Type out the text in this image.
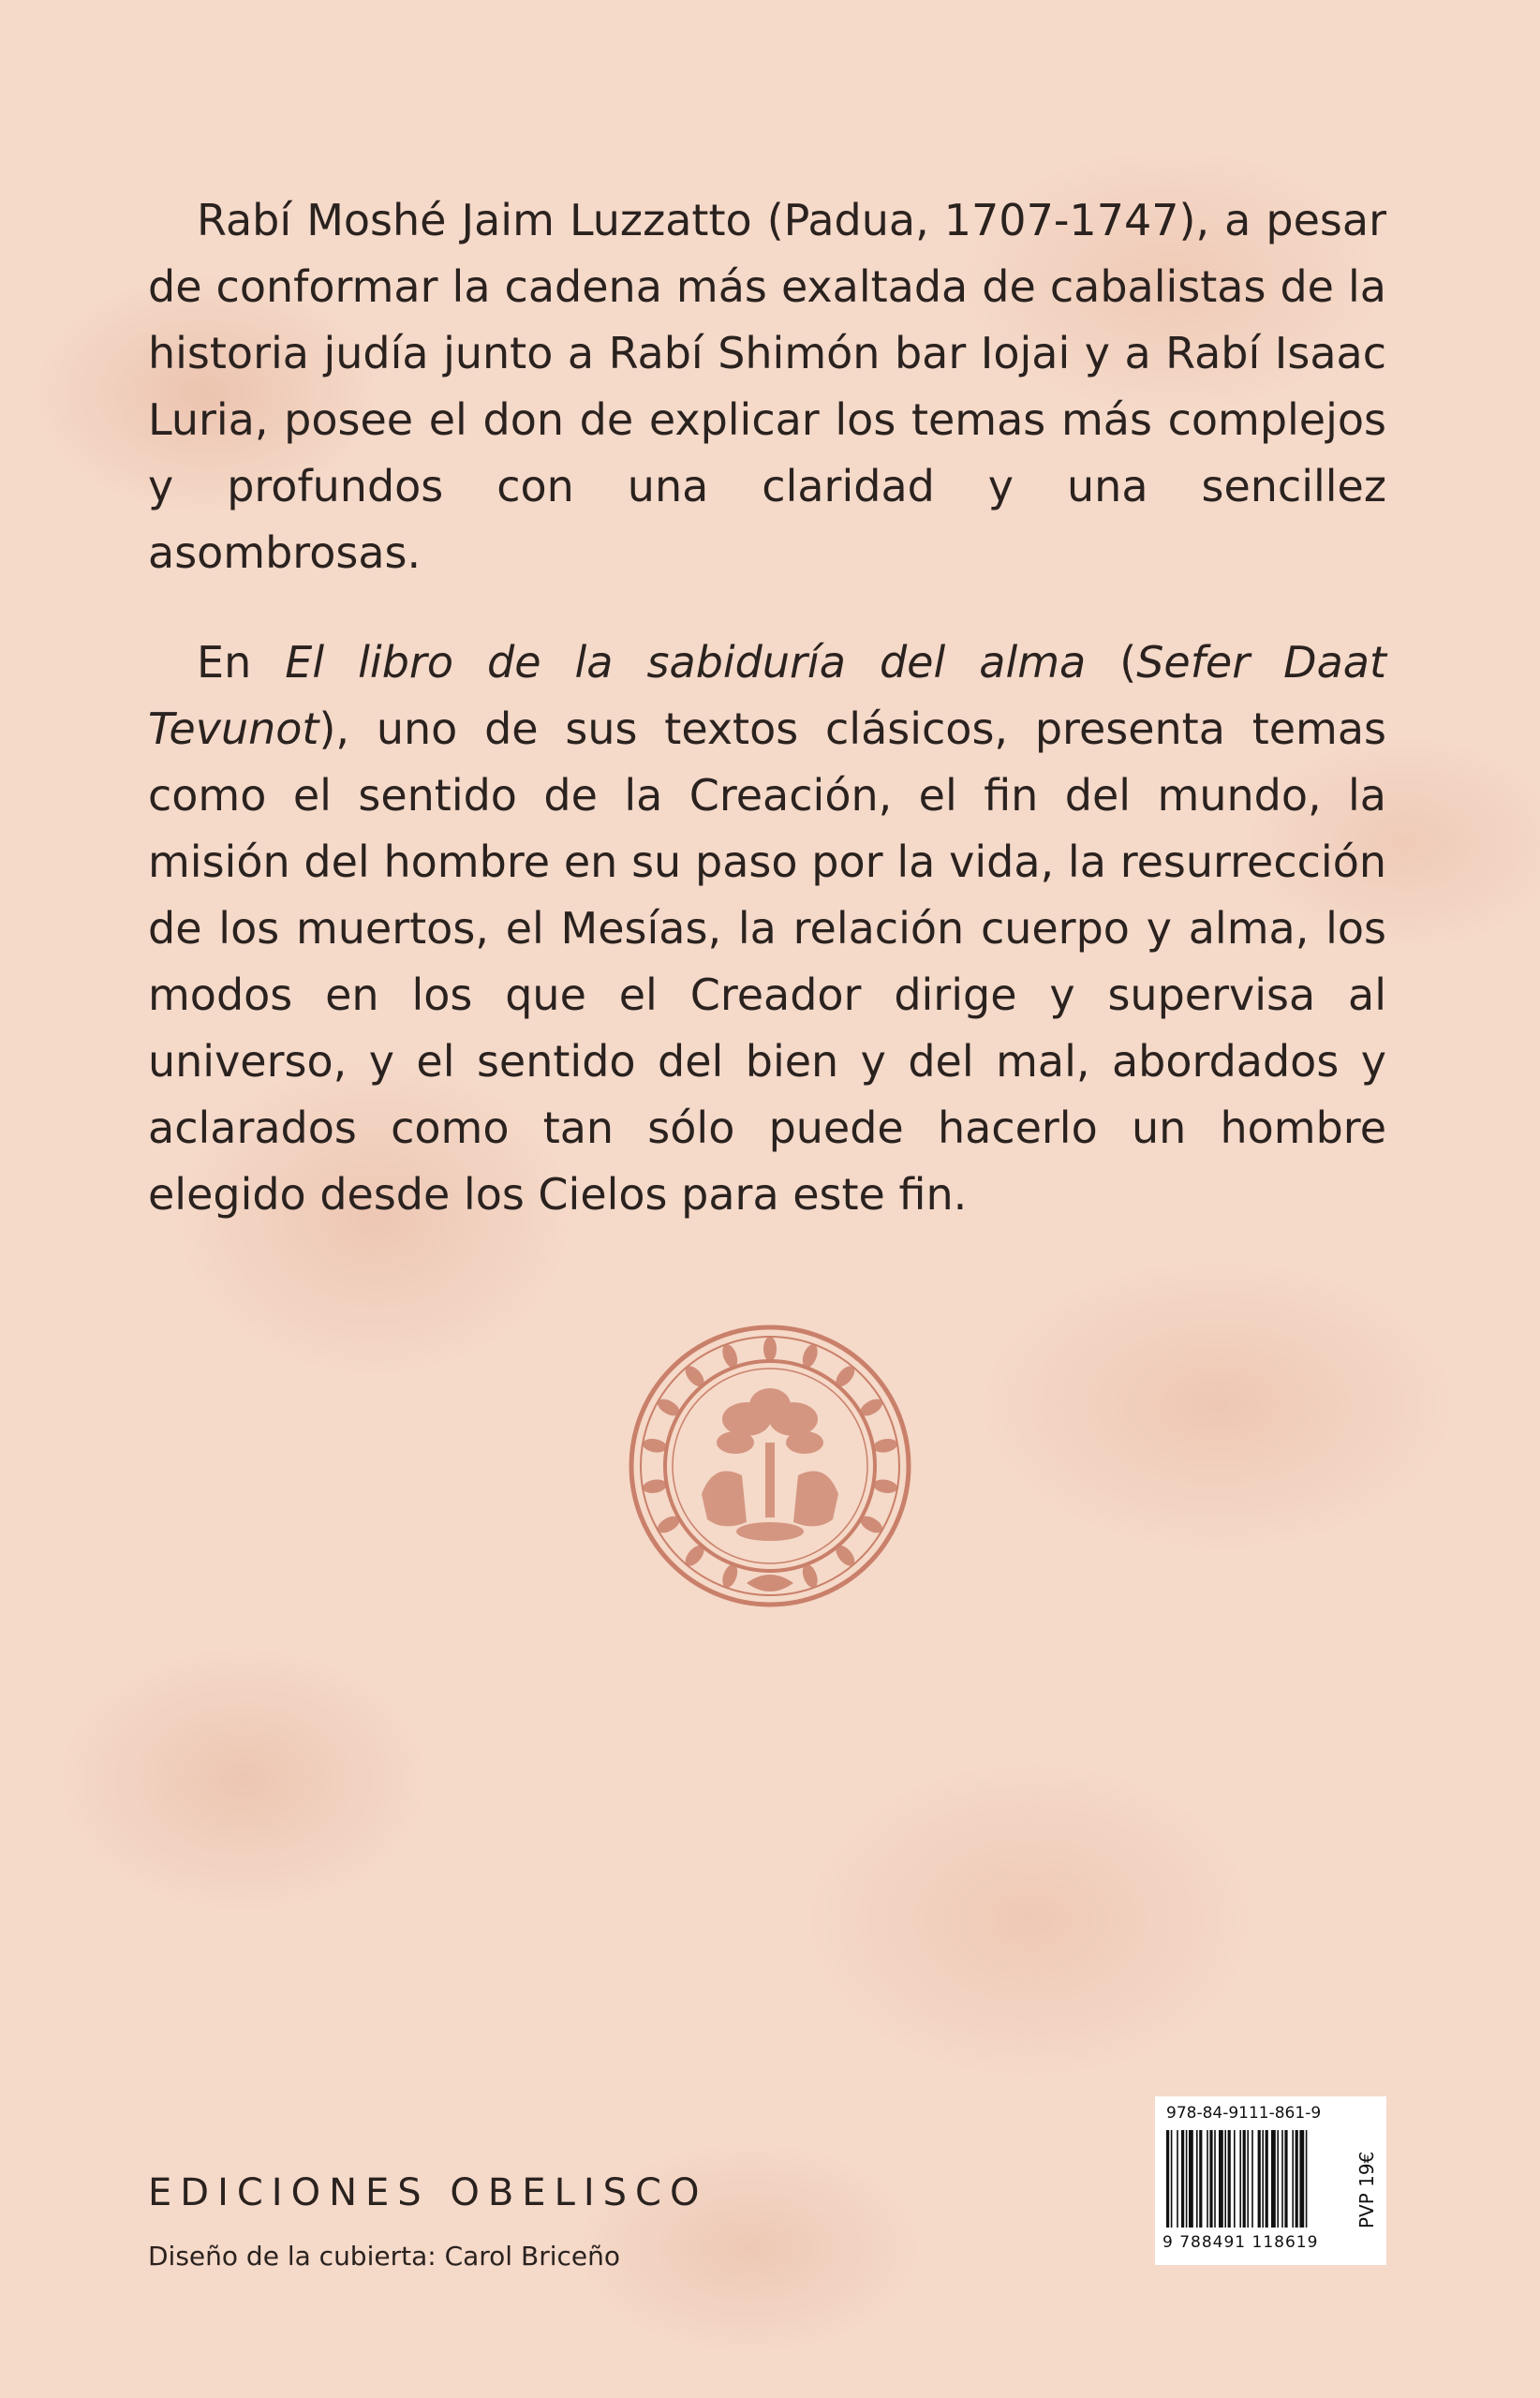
Rabí Moshé Jaim Luzzatto (Padua, 1707-1747), a pesar de conformar la cadena más exaltada de cabalistas de la historia judía junto a Rabí Shimón bar Iojai y a Rabí Isaac Luria, posee el don de explicar los temas más complejos y profundos con una claridad y una sencillez asombrosas.

En El libro de la sabiduría del alma (Sefer Daat Tevunot), uno de sus textos clásicos, presenta temas como el sentido de la Creación, el fin del mundo, la misión del hombre en su paso por la vida, la resurrección de los muertos, el Mesías, la relación cuerpo y alma, los modos en los que el Creador dirige y supervisa al universo, y el sentido del bien y del mal, abordados y aclarados como tan sólo puede hacerlo un hombre elegido desde los Cielos para este fin.

EDICIONES OBELISCO
Diseño de la cubierta: Carol Briceño
978-84-9111-861-9
9 788491 118619
PVP 19€
